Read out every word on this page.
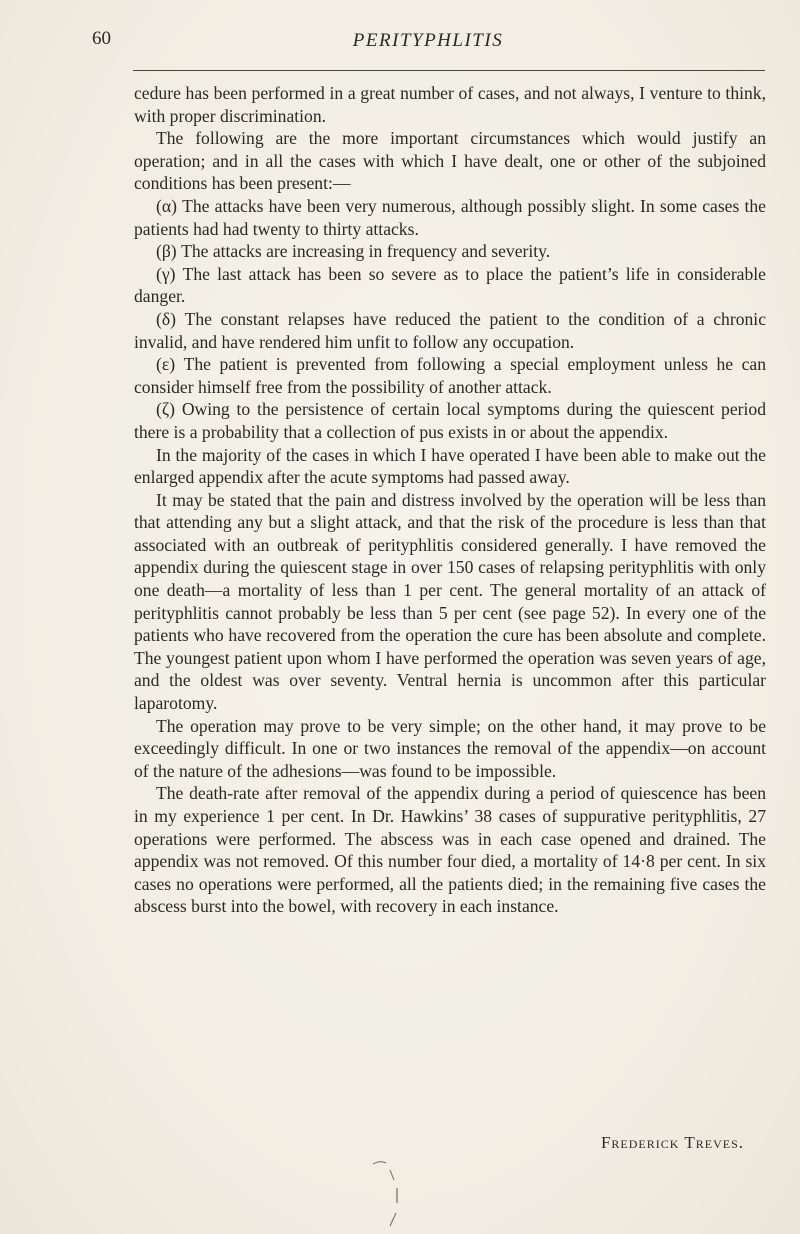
60	PERITYPHLITIS

cedure has been performed in a great number of cases, and not always, I venture to think, with proper discrimination.

The following are the more important circumstances which would justify an operation; and in all the cases with which I have dealt, one or other of the subjoined conditions has been present:—

(α) The attacks have been very numerous, although possibly slight. In some cases the patients had had twenty to thirty attacks.

(β) The attacks are increasing in frequency and severity.

(γ) The last attack has been so severe as to place the patient’s life in considerable danger.

(δ) The constant relapses have reduced the patient to the condition of a chronic invalid, and have rendered him unfit to follow any occupation.

(ε) The patient is prevented from following a special employment unless he can consider himself free from the possibility of another attack.

(ζ) Owing to the persistence of certain local symptoms during the quiescent period there is a probability that a collection of pus exists in or about the appendix.

In the majority of the cases in which I have operated I have been able to make out the enlarged appendix after the acute symptoms had passed away.

It may be stated that the pain and distress involved by the operation will be less than that attending any but a slight attack, and that the risk of the procedure is less than that associated with an outbreak of perityphlitis considered generally. I have removed the appendix during the quiescent stage in over 150 cases of relapsing perityphlitis with only one death—a mortality of less than 1 per cent. The general mortality of an attack of perityphlitis cannot probably be less than 5 per cent (see page 52). In every one of the patients who have recovered from the operation the cure has been absolute and complete. The youngest patient upon whom I have performed the operation was seven years of age, and the oldest was over seventy. Ventral hernia is uncommon after this particular laparotomy.

The operation may prove to be very simple; on the other hand, it may prove to be exceedingly difficult. In one or two instances the removal of the appendix—on account of the nature of the adhesions—was found to be impossible.

The death-rate after removal of the appendix during a period of quiescence has been in my experience 1 per cent. In Dr. Hawkins’ 38 cases of suppurative perityphlitis, 27 operations were performed. The abscess was in each case opened and drained. The appendix was not removed. Of this number four died, a mortality of 14·8 per cent. In six cases no operations were performed, all the patients died; in the remaining five cases the abscess burst into the bowel, with recovery in each instance.

Frederick Treves.
